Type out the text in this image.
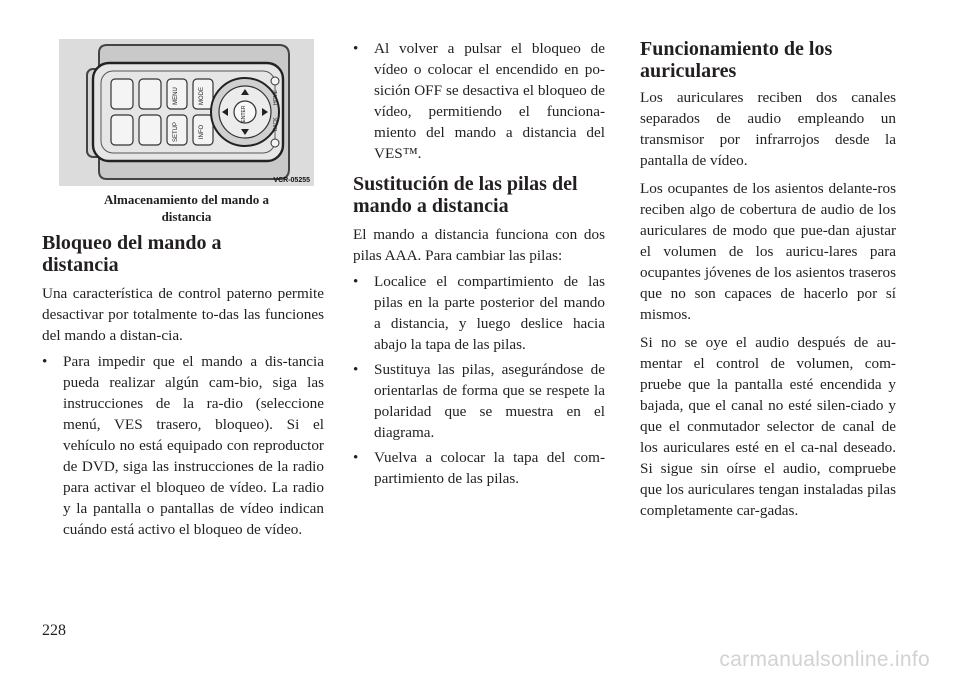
MENU	MODE
SETUP	INFO
ENTER
HOME
BACK
VCR-05255
Almacenamiento del mando a
distancia
Bloqueo del mando a
distancia

Una característica de control paterno permite desactivar por totalmente to-das las funciones del mando a distan-cia.

• Para impedir que el mando a dis-tancia pueda realizar algún cam-bio, siga las instrucciones de la ra-dio (seleccione menú, VES trasero, bloqueo). Si el vehículo no está equipado con reproductor de DVD, siga las instrucciones de la radio para activar el bloqueo de vídeo. La radio y la pantalla o pantallas de vídeo indican cuándo está activo el bloqueo de vídeo.
• Al volver a pulsar el bloqueo de vídeo o colocar el encendido en po-sición OFF se desactiva el bloqueo de vídeo, permitiendo el funciona-miento del mando a distancia del VES™.
Sustitución de las pilas del
mando a distancia

El mando a distancia funciona con dos pilas AAA. Para cambiar las pilas:

• Localice el compartimiento de las pilas en la parte posterior del mando a distancia, y luego deslice hacia abajo la tapa de las pilas.
• Sustituya las pilas, asegurándose de orientarlas de forma que se respete la polaridad que se muestra en el diagrama.
• Vuelva a colocar la tapa del com-partimiento de las pilas.
Funcionamiento de los
auriculares

Los auriculares reciben dos canales separados de audio empleando un transmisor por infrarrojos desde la pantalla de vídeo.

Los ocupantes de los asientos delante-ros reciben algo de cobertura de audio de los auriculares de modo que pue-dan ajustar el volumen de los auricu-lares para ocupantes jóvenes de los asientos traseros que no son capaces de hacerlo por sí mismos.

Si no se oye el audio después de au-mentar el control de volumen, com-pruebe que la pantalla esté encendida y bajada, que el canal no esté silen-ciado y que el conmutador selector de canal de los auriculares esté en el ca-nal deseado. Si sigue sin oírse el audio, compruebe que los auriculares tengan instaladas pilas completamente car-gadas.

228
carmanualsonline.info
